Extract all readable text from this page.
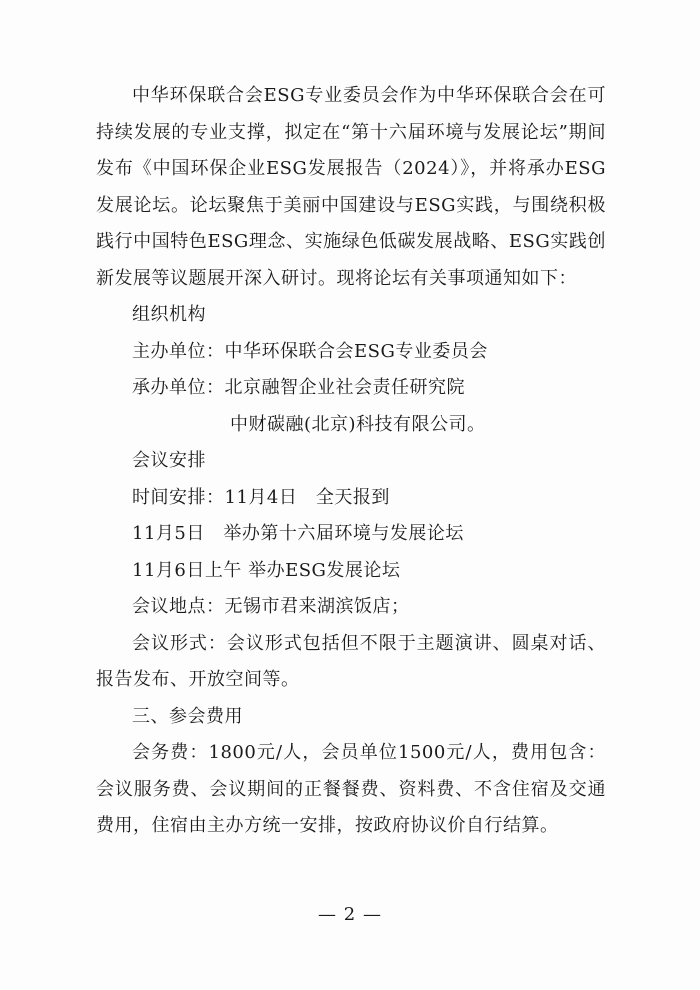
中华环保联合会ESG专业委员会作为中华环保联合会在可持续发展的专业支撑，拟定在“第十六届环境与发展论坛”期间发布《中国环保企业ESG发展报告（2024）》，并将承办ESG发展论坛。论坛聚焦于美丽中国建设与ESG实践，与围绕积极践行中国特色ESG理念、实施绿色低碳发展战略、ESG实践创新发展等议题展开深入研讨。现将论坛有关事项通知如下：

组织机构

主办单位：中华环保联合会ESG专业委员会

承办单位：北京融智企业社会责任研究院

中财碳融(北京)科技有限公司。

会议安排

时间安排：11月4日　全天报到

11月5日　举办第十六届环境与发展论坛

11月6日上午 举办ESG发展论坛

会议地点：无锡市君来湖滨饭店；

会议形式：会议形式包括但不限于主题演讲、圆桌对话、报告发布、开放空间等。

三、参会费用

会务费：1800元/人，会员单位1500元/人，费用包含：会议服务费、会议期间的正餐餐费、资料费、不含住宿及交通费用，住宿由主办方统一安排，按政府协议价自行结算。

— 2 —
